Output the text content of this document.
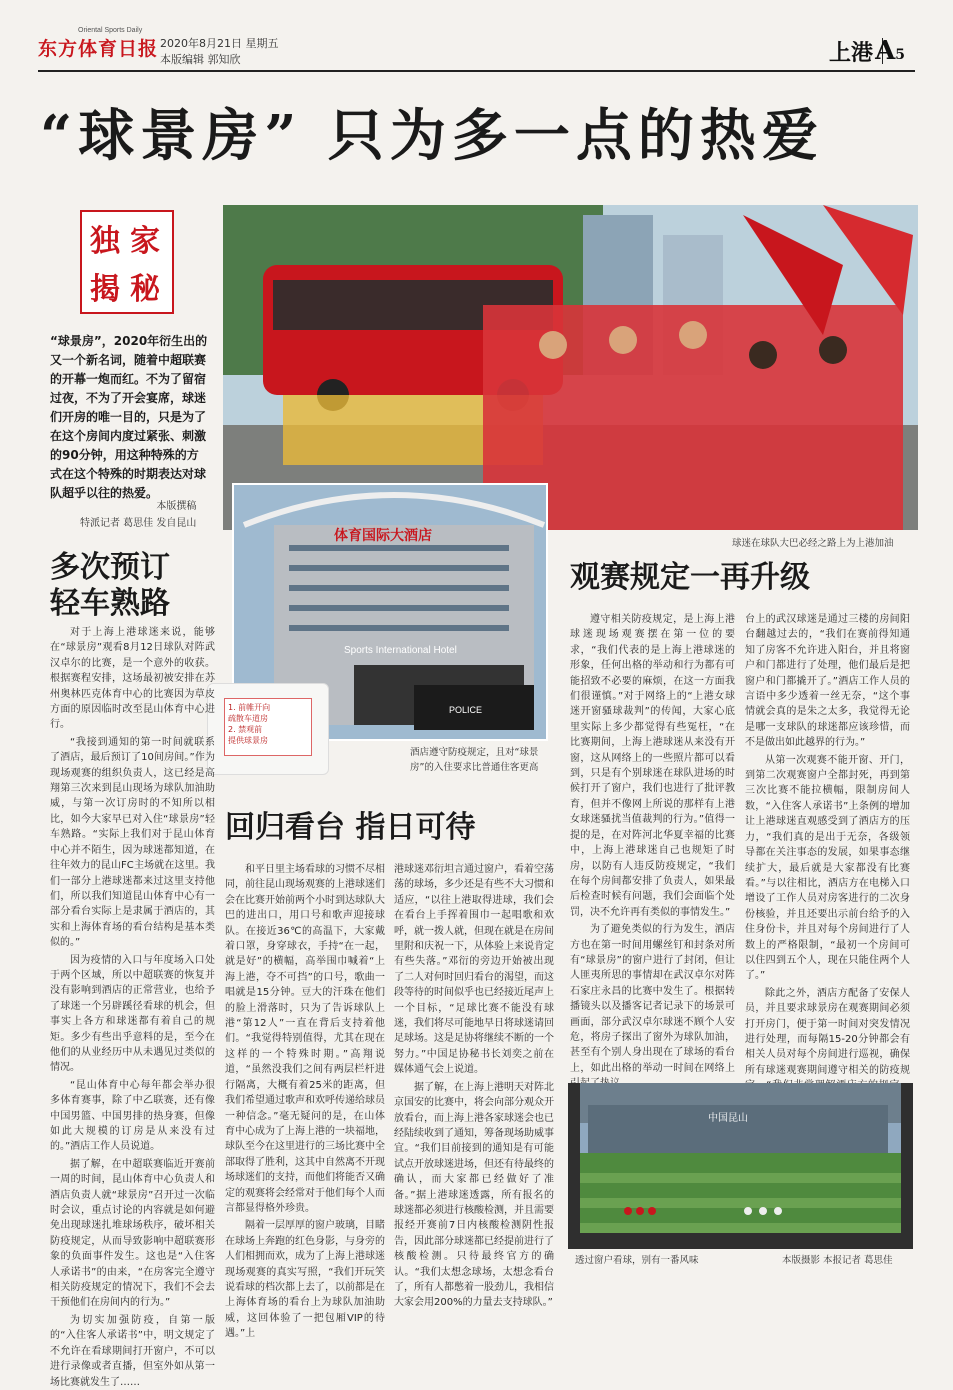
Oriental Sports Daily
东方体育日报 2020年8月21日 星期五
本版编辑 郭知欣	上港 A5
“球景房” 只为多一点的热爱
独 家
揭 秘
“球景房”，2020年衍生出的又一个新名词，随着中超联赛的开幕一炮而红。不为了留宿过夜，不为了开会宴席，球迷们开房的唯一目的，只是为了在这个房间内度过紧张、刺激的90分钟，用这种特殊的方式在这个特殊的时期表达对球队超乎以往的热爱。
本版撰稿
特派记者 葛思佳 发自昆山
球迷在球队大巴必经之路上为上港加油
体育国际大酒店
Sports International Hotel
POLICE
1. 前帷开向
疏散车道房
2. 禁观前
提供球景房
酒店遵守防疫规定，且对“球景房”的入住要求比普通住客更高
多次预订
轻车熟路

对于上海上港球迷来说，能够在“球景房”观看8月12日球队对阵武汉卓尔的比赛，是一个意外的收获。根据赛程安排，这场最初被安排在苏州奥林匹克体育中心的比赛因为草皮方面的原因临时改至昆山体育中心进行。

“我接到通知的第一时间就联系了酒店，最后预订了10间房间。”作为现场观赛的组织负责人，这已经是高翔第三次来到昆山现场为球队加油助威，与第一次订房时的不知所以相比，如今大家早已对入住“球景房”轻车熟路。“实际上我们对于昆山体育中心并不陌生，因为球迷都知道，在往年效力的昆山FC主场就在这里。我们一部分上港球迷都来过这里支持他们，所以我们知道昆山体育中心有一部分看台实际上是隶属于酒店的，其实和上海体育场的看台结构是基本类似的。”

因为疫情的入口与年度场入口处于两个区域，所以中超联赛的恢复并没有影响到酒店的正常营业，也给予了球迷一个另辟蹊径看球的机会，但事实上各方和球迷都有着自己的规矩。多少有些出乎意料的是，至今在他们的从业经历中从未遇见过类似的情况。

“昆山体育中心每年都会举办很多体育赛事，除了中乙联赛，还有像中国男篮、中国男排的热身赛，但像如此大规模的订房是从来没有过的。”酒店工作人员说道。

据了解，在中超联赛临近开赛前一周的时间，昆山体育中心负责人和酒店负责人就“球景房”召开过一次临时会议，重点讨论的内容就是如何避免出现球迷扎堆球场秩序，破坏相关防疫规定，从而导致影响中超联赛形象的负面事件发生。这也是“入住客人承诺书”的由来，“在房客完全遵守相关防疫规定的情况下，我们不会去干预他们在房间内的行为。”

为切实加强防疫，自第一版的“入住客人承诺书”中，明文规定了不允许在看球期间打开窗户，不可以进行录像或者直播，但室外如从第一场比赛就发生了……

回归看台 指日可待

和平日里主场看球的习惯不尽相同，前往昆山现场观赛的上港球迷们会在比赛开始前两个小时到达球队大巴的进出口，用口号和歌声迎接球队。在接近36℃的高温下，大家戴着口罩，身穿球衣，手持“在一起，就是好”的横幅，高举围巾喊着“上海上港，夺不可挡”的口号，歌曲一唱就是15分钟。豆大的汗珠在他们的脸上滑落时，只为了告诉球队上港“第12人”一直在背后支持着他们。“我觉得特别值得，尤其在现在这样的一个特殊时期。”高翔说道，“虽然没我们之间有两层栏杆进行隔离，大概有着25米的距离，但我们希望通过歌声和欢呼传递给球员一种信念。”毫无疑问的是，在山体育中心成为了上海上港的一块福地，球队至今在这里进行的三场比赛中全部取得了胜利，这其中自然离不开现场球迷们的支持，而他们将能否又确定的观赛将会经常对于他们每个人而言都显得格外珍贵。

隔着一层厚厚的窗户玻璃，目睹在球场上奔跑的红色身影，与身旁的人们相拥而欢，成为了上海上港球迷现场观赛的真实写照，“我们开玩笑说看球的档次都上去了，以前都是在上海体育场的看台上为球队加油助威，这回体验了一把包厢VIP的待遇。”上

港球迷邓衍坦言通过窗户，看着空荡荡的球场，多少还是有些不大习惯和适应，“以往上港取得进球，我们会在看台上手挥着围巾一起唱歌和欢呼，就一拨人就，但现在就是在房间里附和庆祝一下，从体验上来说肯定有些失落。”邓衍的旁边开始被出现了二人对何时回归看台的渴望，而这段等待的时间似乎也已经接近尾声上一个目标，“足球比赛不能没有球迷，我们将尽可能地早日将球迷请回足球场。这是足协将继续不断的一个努力。”中国足协秘书长刘奕之前在媒体通气会上说道。

据了解，在上海上港明天对阵北京国安的比赛中，将会向部分观众开放看台，而上海上港各家球迷会也已经陆续收到了通知，筹备现场助威事宜。“我们目前接到的通知是有可能试点开放球迷进场，但还有待最终的确认，而大家都已经做好了准备。”据上港球迷透露，所有报名的球迷都必须进行核酸检测，并且需要报经开赛前7日内核酸检测阴性报告，因此部分球迷都已经提前进行了核酸检测。只待最终官方的确认。“我们太想念球场，太想念看台了，所有人都憋着一股劲儿，我相信大家会用200%的力量去支持球队。”

观赛规定一再升级

遵守相关防疫规定，是上海上港球迷现场观赛摆在第一位的要求，“我们代表的是上海上港球迷的形象，任何出格的举动和行为都有可能招致不必要的麻烦，在这一方面我们很谨慎。”对于网络上的“上港女球迷开窗骚球裁判”的传闻，大家心底里实际上多少都觉得有些冤枉，“在比赛期间，上海上港球迷从来没有开窗，这从网络上的一些照片都可以看到，只是有个别球迷在球队进场的时候打开了窗户，我们也进行了批评教育，但并不像网上所说的那样有上港女球迷骚扰当值裁判的行为。”值得一提的是，在对阵河北华夏幸福的比赛中，上海上港球迷自己也规矩了时房，以防有人违反防疫规定，“我们在每个房间都安排了负责人，如果最后检查时候有问题，我们会面临个处罚，决不允许再有类似的事情发生。”

为了避免类似的行为发生，酒店方也在第一时间用螺丝钉和封条对所有“球景房”的窗户进行了封闭，但让人匪夷所思的事情却在武汉卓尔对阵石家庄永昌的比赛中发生了。根据转播镜头以及播客记者记录下的场景可画面，部分武汉卓尔球迷不顾个人安危，将房子探出了窗外为球队加油，甚至有个别人身出现在了球场的看台上，如此出格的举动一时间在网络上

台上的武汉球迷是通过三楼的房间阳台翻越过去的，“我们在赛前得知通知了房客不允许进入阳台，并且将窗户和门都进行了处理，他们最后是把窗户和门都撬开了。”酒店工作人员的言语中多少透着一丝无奈，“这个事情就会真的是朱之太多，我觉得无论是哪一支球队的球迷都应该珍惜，而不是做出如此越界的行为。”

从第一次观赛不能开窗、开门，到第二次观赛窗户全都封死，再到第三次比赛不能拉横幅，限制房间人数，“入住客人承诺书”上条例的增加让上港球迷直观感受到了酒店方的压力，“我们真的是出于无奈，各级领导都在关注事态的发展，如果事态继续扩大，最后就是大家都没有比赛看。”与以往相比，酒店方在电梯入口增设了工作人员对房客进行的二次身份核验，并且还要出示前台给予的入住身份卡，并且对每个房间进行了人数上的严格限制，“最初一个房间可以住四到五个人，现在只能住两个人了。”

除此之外，酒店方配备了安保人员，并且要求球景房在观赛期间必须打开房门，便于第一时间对突发情况进行处理，而每隔15-20分钟都会有相关人员对每个房间进行巡视，确保所有球迷观赛期间遵守相关的防疫规

中国昆山
透过窗户看球，别有一番风味	本版摄影 本报记者 葛思佳
